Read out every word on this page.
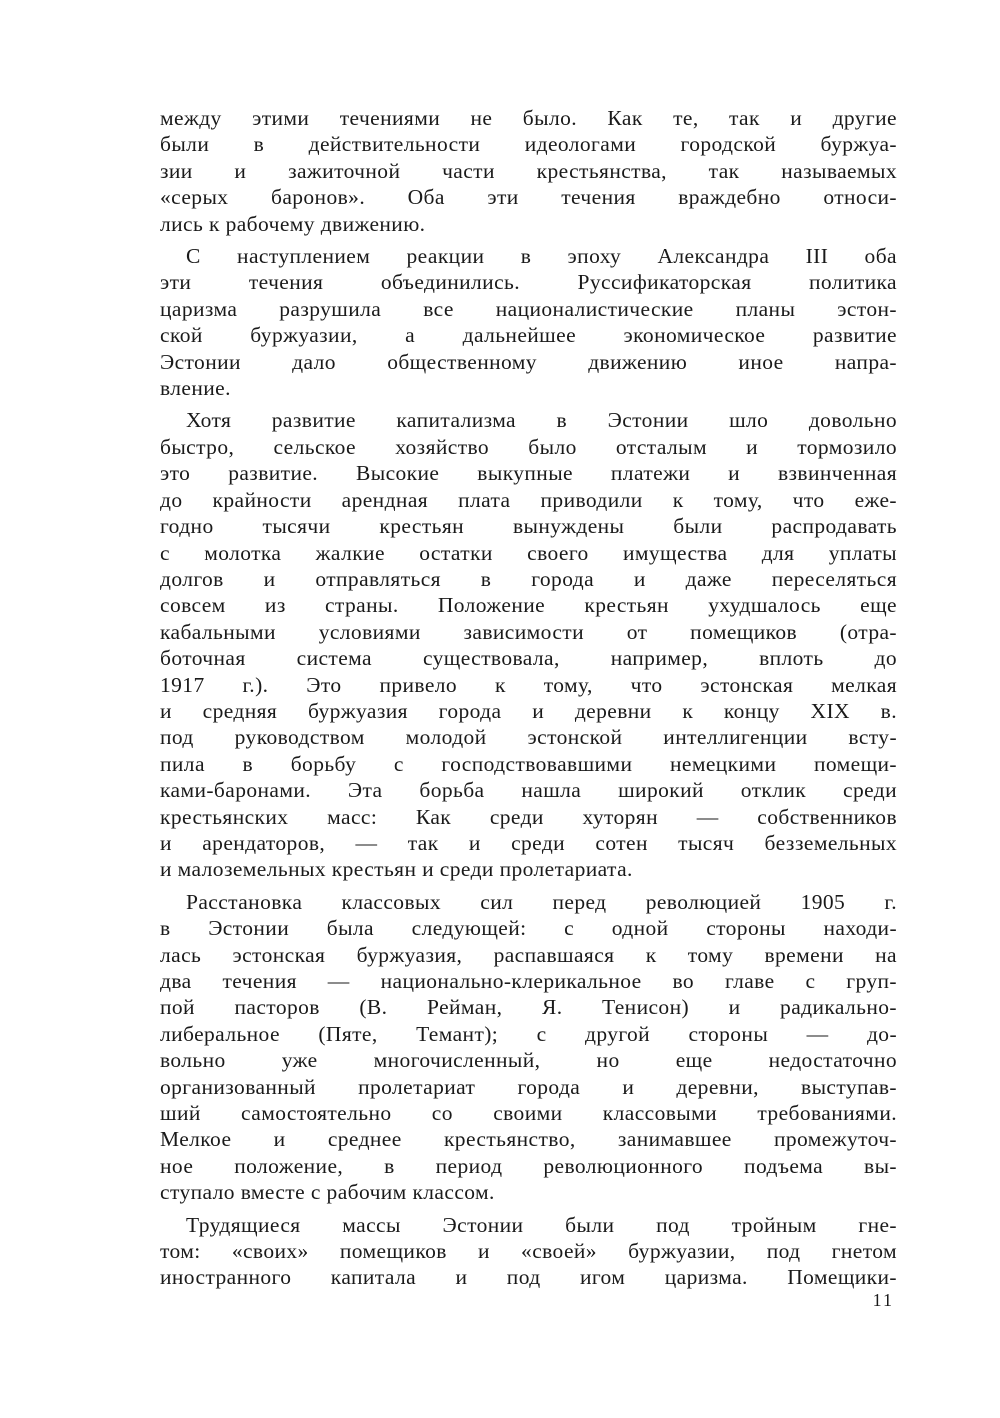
между этими течениями не было. Как те, так и другие
были в действительности идеологами городской буржуа-
зии и зажиточной части крестьянства, так называемых
«серых баронов». Оба эти течения враждебно относи-
лись к рабочему движению.

С наступлением реакции в эпоху Александра III оба
эти течения объединились. Руссификаторская политика
царизма разрушила все националистические планы эстон-
ской буржуазии, а дальнейшее экономическое развитие
Эстонии дало общественному движению иное напра-
вление.

Хотя развитие капитализма в Эстонии шло довольно
быстро, сельское хозяйство было отсталым и тормозило
это развитие. Высокие выкупные платежи и взвинченная
до крайности арендная плата приводили к тому, что еже-
годно тысячи крестьян вынуждены были распродавать
с молотка жалкие остатки своего имущества для уплаты
долгов и отправляться в города и даже переселяться
совсем из страны. Положение крестьян ухудшалось еще
кабальными условиями зависимости от помещиков (отра-
боточная система существовала, например, вплоть до
1917 г.). Это привело к тому, что эстонская мелкая
и средняя буржуазия города и деревни к концу XIX в.
под руководством молодой эстонской интеллигенции всту-
пила в борьбу с господствовавшими немецкими помещи-
ками-баронами. Эта борьба нашла широкий отклик среди
крестьянских масс: Как среди хуторян — собственников
и арендаторов, — так и среди сотен тысяч безземельных
и малоземельных крестьян и среди пролетариата.

Расстановка классовых сил перед революцией 1905 г.
в Эстонии была следующей: с одной стороны находи-
лась эстонская буржуазия, распавшаяся к тому времени на
два течения — национально-клерикальное во главе с груп-
пой пасторов (В. Рейман, Я. Тенисон) и радикально-
либеральное (Пяте, Темант); с другой стороны — до-
вольно уже многочисленный, но еще недостаточно
организованный пролетариат города и деревни, выступав-
ший самостоятельно со своими классовыми требованиями.
Мелкое и среднее крестьянство, занимавшее промежуточ-
ное положение, в период революционного подъема вы-
ступало вместе с рабочим классом.

Трудящиеся массы Эстонии были под тройным гне-
том: «своих» помещиков и «своей» буржуазии, под гнетом
иностранного капитала и под игом царизма. Помещики-

11
